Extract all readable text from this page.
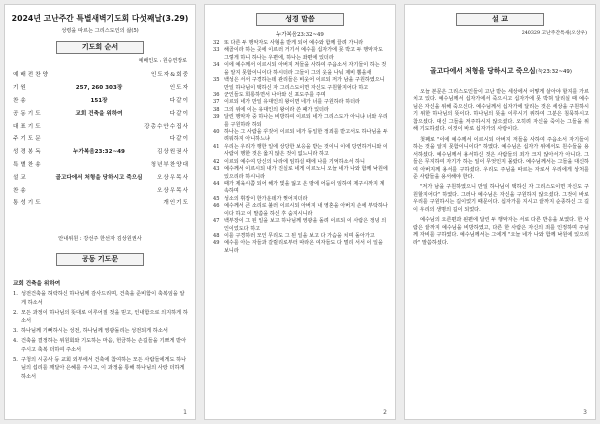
2024년 고난주간 특별새벽기도회 다섯째날(3.29)
성령을 따르는 그리스도인의 삶(5)
기도회 순서
예배인도 : 원승연장로
예배전찬양	인도자&회중
기원	257, 260 303장	인도자
찬송	151장	다같이
공동기도	교회 건축을 위하여	다같이
대표기도	강총수안수집사
주기도문	다같이
성경봉독	누가복음23:32~49	김상원권사
특별찬송	청년부찬양대
설교	골고다에서 처형을 당하시고 죽으심	오상우목사
찬송	오상우목사
통성기도	개인기도
안내위원 : 강선주 한선자 김상원권사
공동 기도문
교회 건축을 위하여
1. 성전건축을 허락하신 하나님께 감사드리며, 건축을 준비함이 축복임을 알게 하소서
2. 모든 과정이 하나님의 뜻대로 이루어질 것을 믿고, 인내함으로 의지하게 하소서
3. 하나님께 기뻐하시는 성전, 하나님께 영광돌리는 성전되게 하소서
4. 건축을 결정하는 위원회와 기도하는 마음, 헌금하는 손길들을 기쁘게 받아 주시고 축복 더하여 주소서
5. 구청의 시공사 등 교회 외부에서 건축에 참여하는 모든 사람들에게도 하나님의 섭리를 깨달아 은혜를 주시고, 이 과정을 통해 하나님의 사랑 더하게 하소서
1
성경 말씀
누가복음23:32~49
32 또 다른 두 행악자도 사형을 받게 되어 예수와 함께 끌려 가니라
33 해골이라 하는 곳에 이르러 거기서 예수를 십자가에 못 박고 두 행악자도 그렇게 하니 하나는 우편에, 하나는 좌편에 있더라
34 이에 예수께서 이르시되 아버지 저들을 사하여 주옵소서 자기들이 하는 것을 알지 못함이니이다 하시더라 그들이 그의 옷을 나눠 제비 뽑을새
35 백성은 서서 구경하는데 관리들은 비웃어 이르되 저가 남을 구원하였으니 만일 하나님이 택하신 자 그리스도이면 자신도 구원할지어다 하고
36 군인들도 희롱하면서 나아와 신 포도주를 주며
37 이르되 네가 만일 유대인의 왕이면 네가 너를 구원하라 하더라
38 그의 위에 이는 유대인의 왕이라 쓴 패가 있더라
39 달린 행악자 중 하나는 비방하여 이르되 네가 그리스도가 아니냐 너와 우리를 구원하라 하되
40 하나는 그 사람을 꾸짖어 이르되 네가 동일한 정죄를 받고서도 하나님을 두려워하지 아니하느냐
41 우리는 우리가 행한 일에 상당한 보응을 받는 것이니 이에 당연하거니와 이 사람이 행한 것은 옳지 않은 것이 없느니라 하고
42 이르되 예수여 당신의 나라에 임하실 때에 나를 기억하소서 하니
43 예수께서 이르시되 내가 진실로 네게 이르노니 오늘 네가 나와 함께 낙원에 있으리라 하시니라
44 때가 제육시쯤 되어 해가 빛을 잃고 온 땅에 어둠이 임하여 제구시까지 계속하며
45 성소의 휘장이 한가운데가 찢어지더라
46 예수께서 큰 소리로 불러 이르시되 아버지 내 영혼을 아버지 손에 부탁하나이다 하고 이 말씀을 하신 후 숨지시니라
47 백부장이 그 된 일을 보고 하나님께 영광을 돌려 이르되 이 사람은 정녕 의인이었도다 하고
48 이를 구경하러 모인 무리도 그 된 일을 보고 다 가슴을 치며 돌아가고
49 예수를 아는 자들과 갈릴리로부터 따라온 여자들도 다 멀리 서서 이 일을 보니라
2
설 교
240329 고난주간특새(오상우)
골고다에서 처형을 당하시고 죽으심(눅23:32~49)

오늘 본문은 그리스도인들이 고난 받는 세상에서 어떻게 살아야 할지를 가르치고 있다. 예수님께서 십자가에서 죽으시고 십자가에 못 박혀 달리실 때 예수님은 자신을 위해 죽으신다. 예수님께서 십자가에 달리는 것은 세상을 구원하시기 위한 하나님의 뜻이다. 하나님의 뜻을 이루시기 위하여 그분은 침묵하시고 참으셨다. 대신 그들을 저주하시지 않으셨다. 오히려 자신을 죽이는 그들을 위해 기도하셨다. 이것이 바로 십자가의 사랑이다.

첫째로 "이에 예수께서 이르시되 아버지 저들을 사하여 주옵소서 자기들이 하는 것을 알지 못함이니이다" 하였다. 예수님은 십자가 위에서도 원수들을 용서하셨다. 예수님께서 용서하신 것은 사람들의 죄가 크지 않아서가 아니다. 그들은 무지하여 자기가 하는 일이 무엇인지 몰랐다. 예수님께서는 그들을 대신하여 아버지께 용서를 구하셨다. 우리도 주님을 따르는 자로서 우리에게 상처를 준 사람들을 용서해야 한다.

"저가 남을 구원하였으니 만일 하나님이 택하신 자 그리스도이면 자신도 구원할지어다" 하였다. 그러나 예수님은 자신을 구원하지 않으셨다. 그것이 바로 우리를 구원하시는 길이었기 때문이다. 십자가를 지시고 끝까지 순종하신 그 길이 우리의 생명의 길이 되었다.

예수님의 오른편과 왼편에 달린 두 행악자는 서로 다른 반응을 보였다. 한 사람은 끝까지 예수님을 비방하였고, 다른 한 사람은 자신의 죄를 인정하며 주님께 자비를 구하였다. 예수님께서는 그에게 "오늘 네가 나와 함께 낙원에 있으리라" 말씀하셨다.

3
